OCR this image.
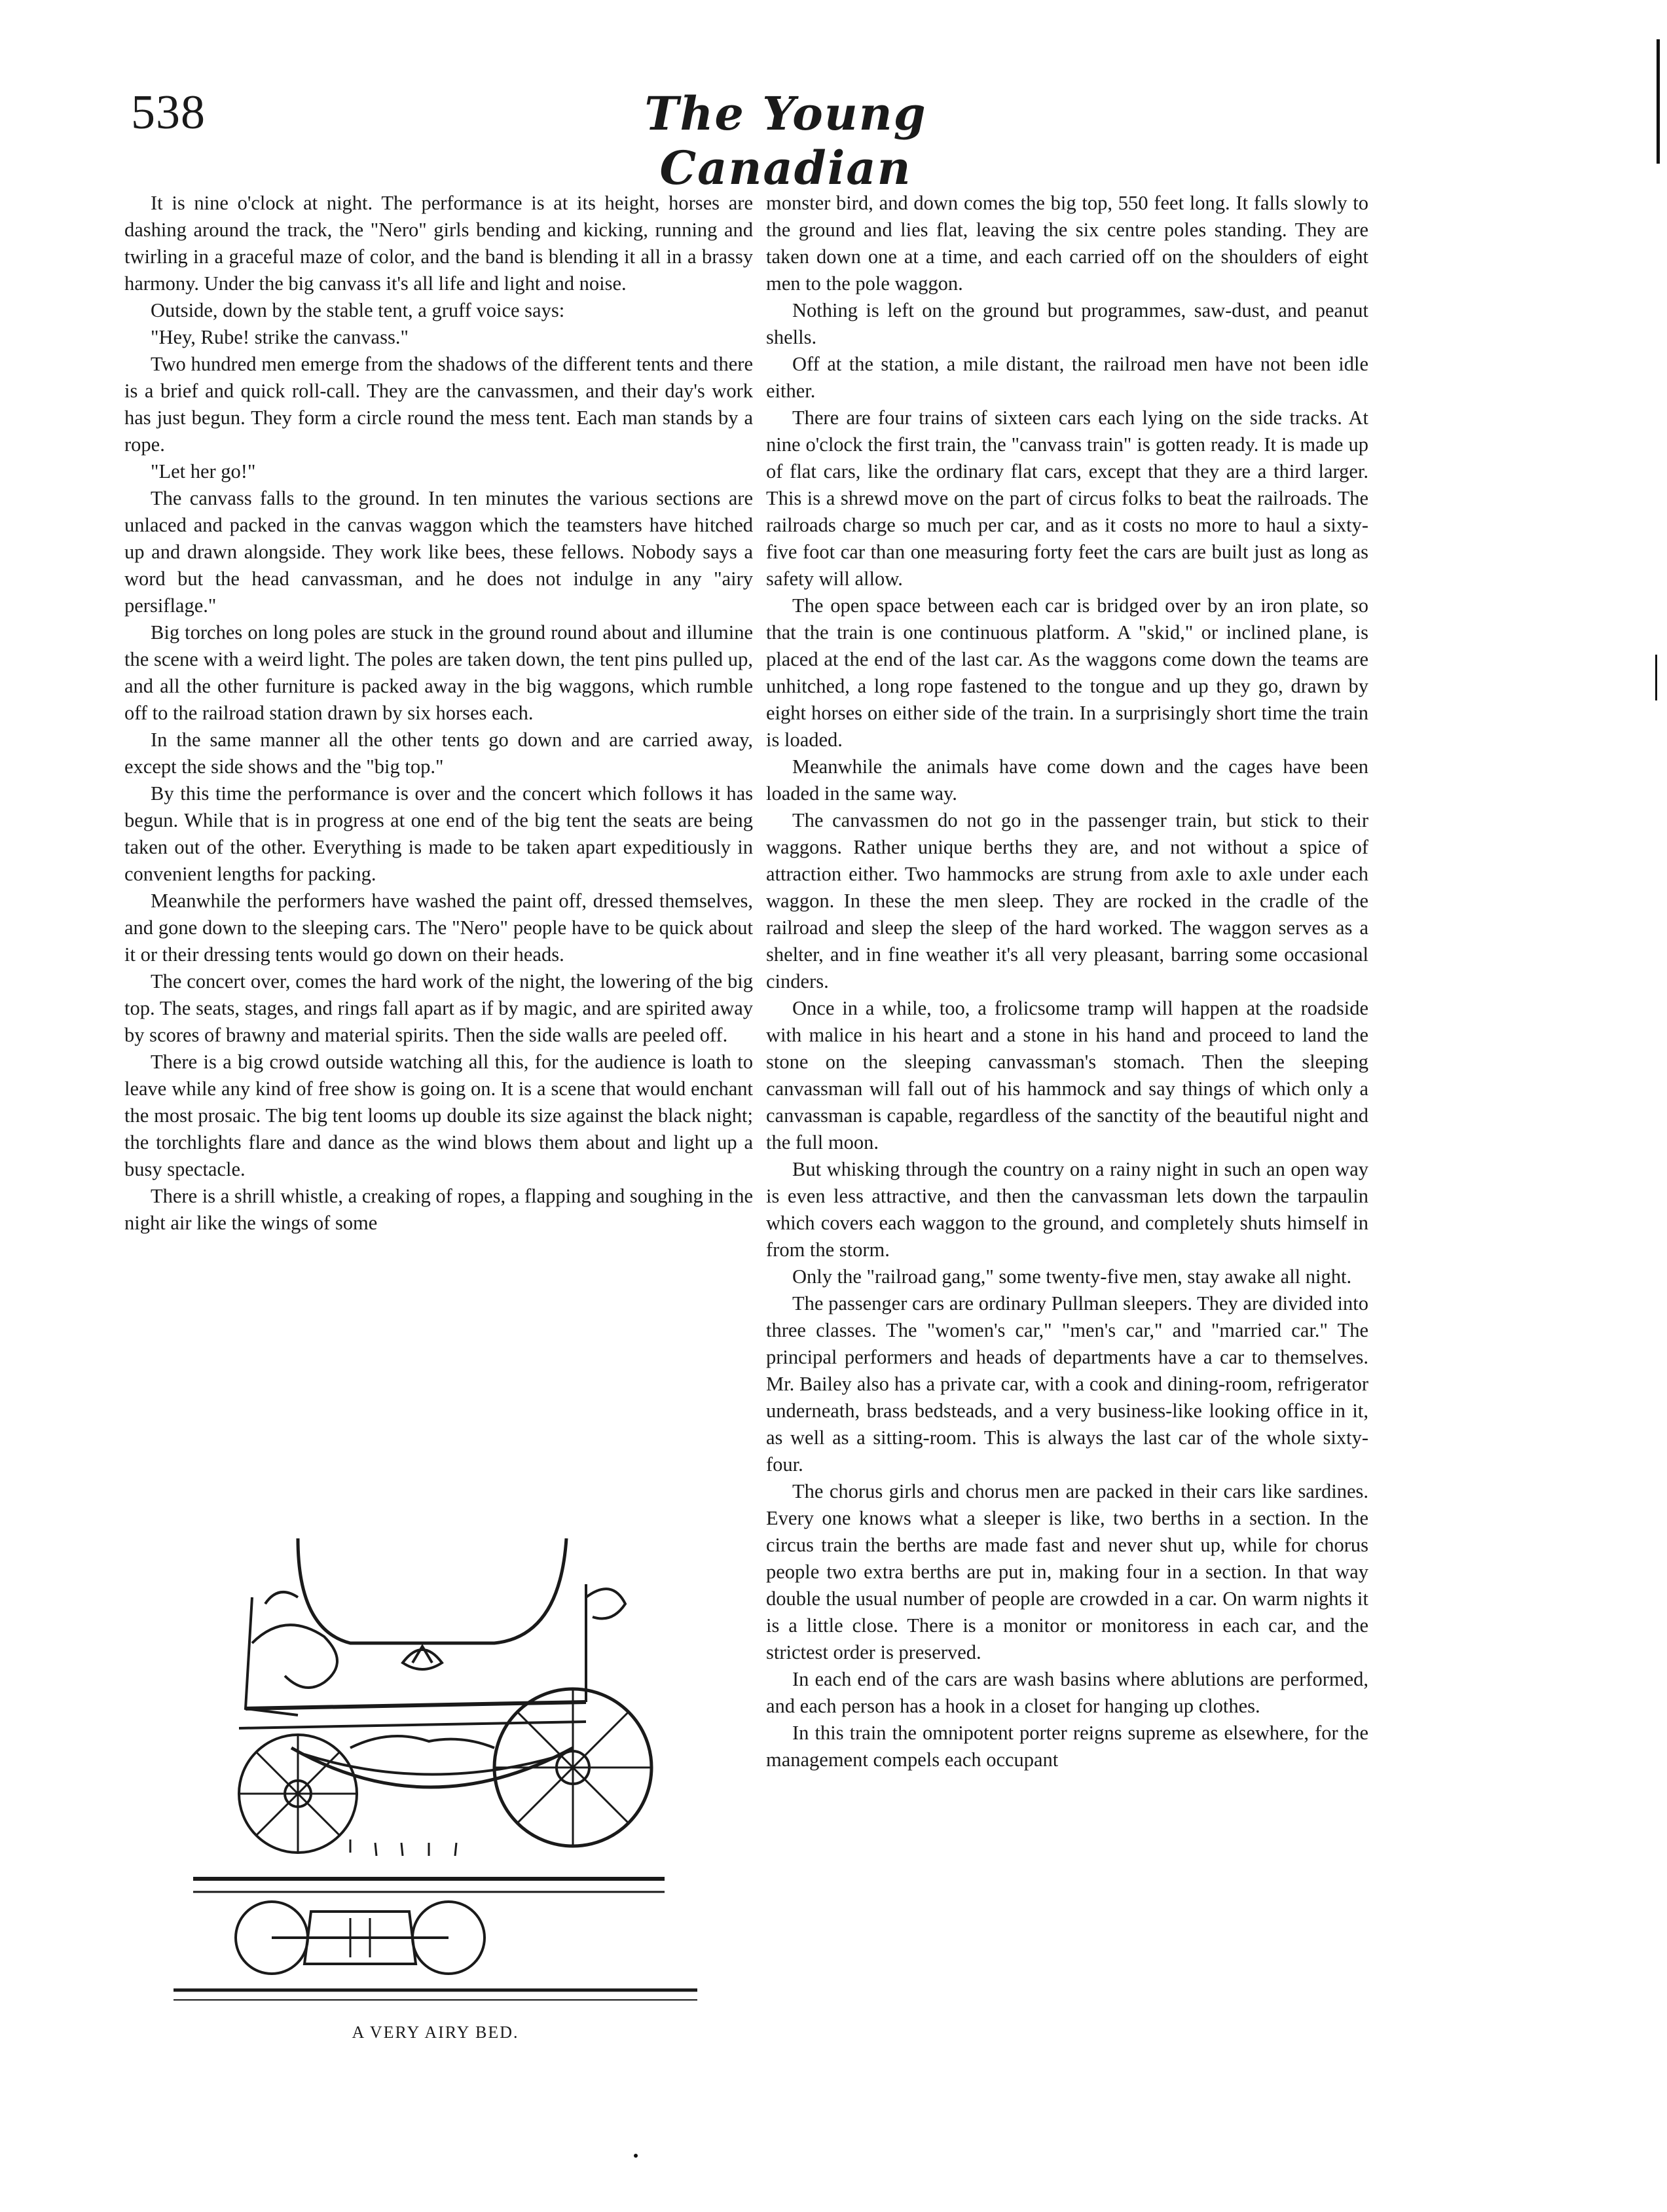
538	The Young Canadian

It is nine o'clock at night. The performance is at its height, horses are dashing around the track, the "Nero" girls bending and kicking, running and twirling in a graceful maze of color, and the band is blending it all in a brassy harmony. Under the big canvass it's all life and light and noise.

Outside, down by the stable tent, a gruff voice says:

"Hey, Rube! strike the canvass."

Two hundred men emerge from the shadows of the different tents and there is a brief and quick roll-call. They are the canvassmen, and their day's work has just begun. They form a circle round the mess tent. Each man stands by a rope.

"Let her go!"

The canvass falls to the ground. In ten minutes the various sections are unlaced and packed in the canvas waggon which the teamsters have hitched up and drawn alongside. They work like bees, these fellows. Nobody says a word but the head canvassman, and he does not indulge in any "airy persiflage."

Big torches on long poles are stuck in the ground round about and illumine the scene with a weird light. The poles are taken down, the tent pins pulled up, and all the other furniture is packed away in the big waggons, which rumble off to the railroad station drawn by six horses each.

In the same manner all the other tents go down and are carried away, except the side shows and the "big top."

By this time the performance is over and the concert which follows it has begun. While that is in progress at one end of the big tent the seats are being taken out of the other. Everything is made to be taken apart expeditiously in convenient lengths for packing.

Meanwhile the performers have washed the paint off, dressed themselves, and gone down to the sleeping cars. The "Nero" people have to be quick about it or their dressing tents would go down on their heads.

The concert over, comes the hard work of the night, the lowering of the big top. The seats, stages, and rings fall apart as if by magic, and are spirited away by scores of brawny and material spirits. Then the side walls are peeled off.

There is a big crowd outside watching all this, for the audience is loath to leave while any kind of free show is going on. It is a scene that would enchant the most prosaic. The big tent looms up double its size against the black night; the torchlights flare and dance as the wind blows them about and light up a busy spectacle.

There is a shrill whistle, a creaking of ropes, a flapping and soughing in the night air like the wings of some

A VERY AIRY BED.

monster bird, and down comes the big top, 550 feet long. It falls slowly to the ground and lies flat, leaving the six centre poles standing. They are taken down one at a time, and each carried off on the shoulders of eight men to the pole waggon.

Nothing is left on the ground but programmes, saw-dust, and peanut shells.

Off at the station, a mile distant, the railroad men have not been idle either.

There are four trains of sixteen cars each lying on the side tracks. At nine o'clock the first train, the "canvass train" is gotten ready. It is made up of flat cars, like the ordinary flat cars, except that they are a third larger. This is a shrewd move on the part of circus folks to beat the railroads. The railroads charge so much per car, and as it costs no more to haul a sixty-five foot car than one measuring forty feet the cars are built just as long as safety will allow.

The open space between each car is bridged over by an iron plate, so that the train is one continuous platform. A "skid," or inclined plane, is placed at the end of the last car. As the waggons come down the teams are unhitched, a long rope fastened to the tongue and up they go, drawn by eight horses on either side of the train. In a surprisingly short time the train is loaded.

Meanwhile the animals have come down and the cages have been loaded in the same way.

The canvassmen do not go in the passenger train, but stick to their waggons. Rather unique berths they are, and not without a spice of attraction either. Two hammocks are strung from axle to axle under each waggon. In these the men sleep. They are rocked in the cradle of the railroad and sleep the sleep of the hard worked. The waggon serves as a shelter, and in fine weather it's all very pleasant, barring some occasional cinders.

Once in a while, too, a frolicsome tramp will happen at the roadside with malice in his heart and a stone in his hand and proceed to land the stone on the sleeping canvassman's stomach. Then the sleeping canvassman will fall out of his hammock and say things of which only a canvassman is capable, regardless of the sanctity of the beautiful night and the full moon.

But whisking through the country on a rainy night in such an open way is even less attractive, and then the canvassman lets down the tarpaulin which covers each waggon to the ground, and completely shuts himself in from the storm.

Only the "railroad gang," some twenty-five men, stay awake all night.

The passenger cars are ordinary Pullman sleepers. They are divided into three classes. The "women's car," "men's car," and "married car." The principal performers and heads of departments have a car to themselves. Mr. Bailey also has a private car, with a cook and dining-room, refrigerator underneath, brass bedsteads, and a very business-like looking office in it, as well as a sitting-room. This is always the last car of the whole sixty-four.

The chorus girls and chorus men are packed in their cars like sardines. Every one knows what a sleeper is like, two berths in a section. In the circus train the berths are made fast and never shut up, while for chorus people two extra berths are put in, making four in a section. In that way double the usual number of people are crowded in a car. On warm nights it is a little close. There is a monitor or monitoress in each car, and the strictest order is preserved.

In each end of the cars are wash basins where ablutions are performed, and each person has a hook in a closet for hanging up clothes.

In this train the omnipotent porter reigns supreme as elsewhere, for the management compels each occupant
